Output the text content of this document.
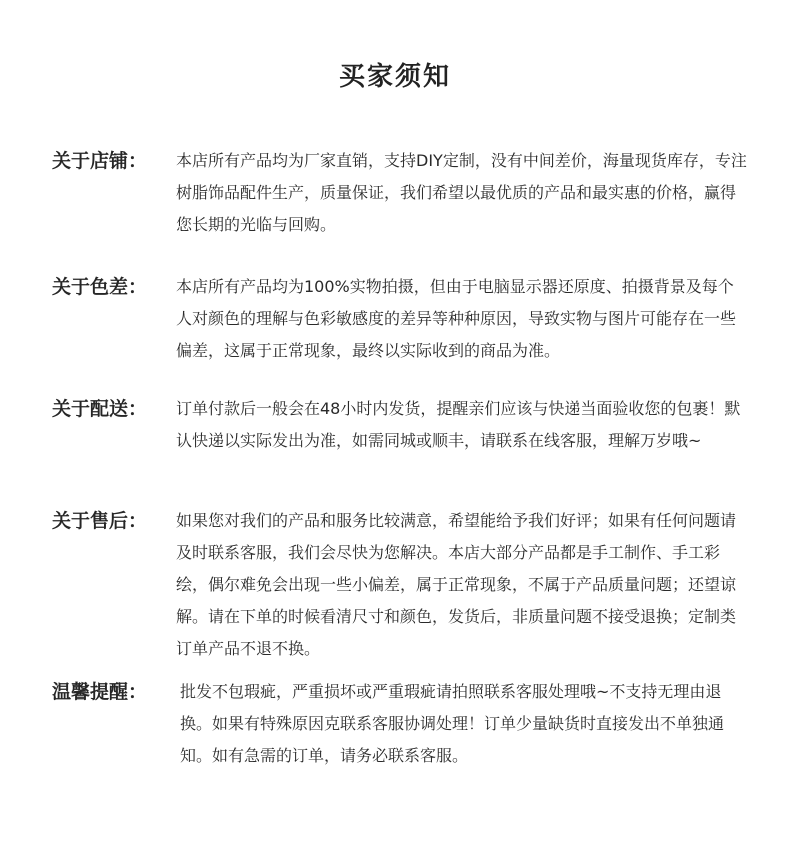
买家须知
关于店铺：	本店所有产品均为厂家直销，支持DIY定制，没有中间差价，海量现货库存，专注树脂饰品配件生产，质量保证，我们希望以最优质的产品和最实惠的价格，赢得您长期的光临与回购。
关于色差：	本店所有产品均为100%实物拍摄，但由于电脑显示器还原度、拍摄背景及每个人对颜色的理解与色彩敏感度的差异等种种原因，导致实物与图片可能存在一些偏差，这属于正常现象，最终以实际收到的商品为准。
关于配送：	订单付款后一般会在48小时内发货，提醒亲们应该与快递当面验收您的包裹！默认快递以实际发出为准，如需同城或顺丰，请联系在线客服，理解万岁哦~
关于售后：	如果您对我们的产品和服务比较满意，希望能给予我们好评；如果有任何问题请及时联系客服，我们会尽快为您解决。本店大部分产品都是手工制作、手工彩绘，偶尔难免会出现一些小偏差，属于正常现象，不属于产品质量问题；还望谅解。请在下单的时候看清尺寸和颜色，发货后，非质量问题不接受退换；定制类订单产品不退不换。
温馨提醒：	批发不包瑕疵，严重损坏或严重瑕疵请拍照联系客服处理哦~不支持无理由退换。如果有特殊原因克联系客服协调处理！订单少量缺货时直接发出不单独通知。如有急需的订单，请务必联系客服。
